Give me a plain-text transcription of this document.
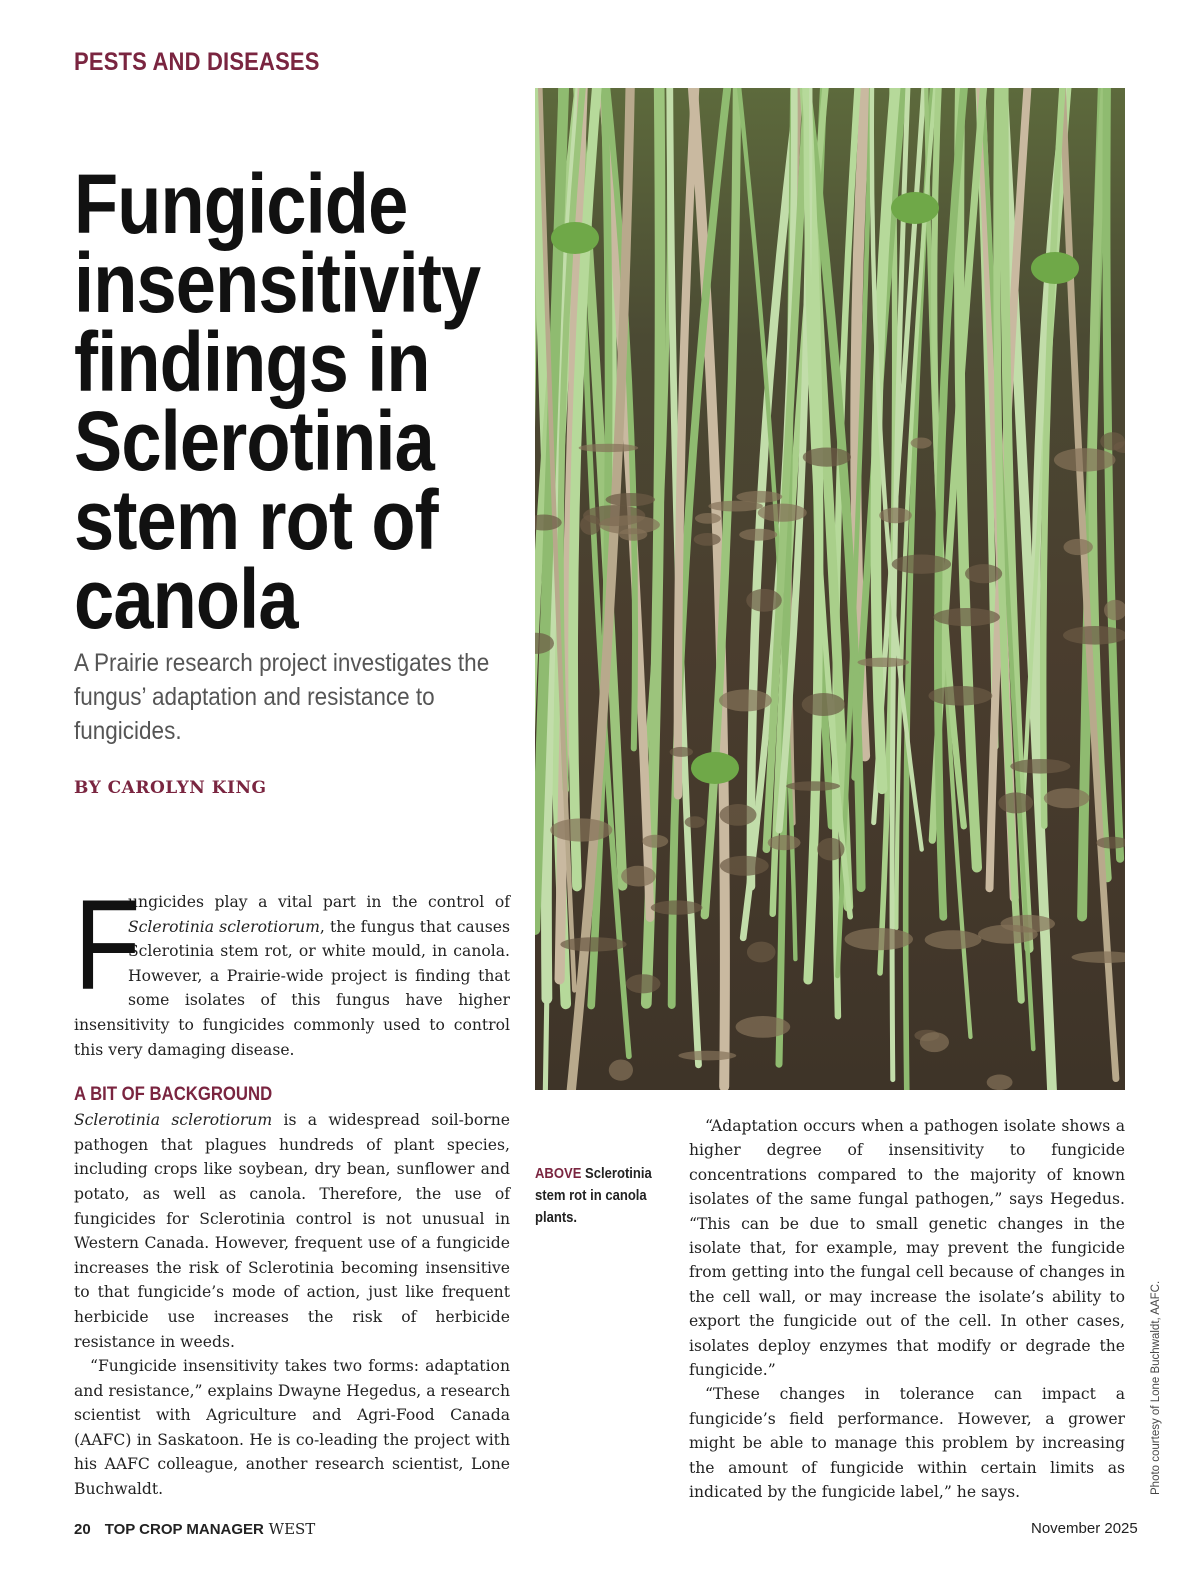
PESTS AND DISEASES
Fungicide insensitivity findings in Sclerotinia stem rot of canola
A Prairie research project investigates the fungus’ adaptation and resistance to fungicides.
BY CAROLYN KING

F
ungicides play a vital part in the control of Sclerotinia sclerotiorum, the fungus that causes Sclerotinia stem rot, or white mould, in canola. However, a Prairie-wide project is finding that some isolates of this fungus have higher insensitivity to fungicides commonly used to control this very damaging disease.

A BIT OF BACKGROUND

Sclerotinia sclerotiorum is a widespread soil-borne pathogen that plagues hundreds of plant species, including crops like soybean, dry bean, sunflower and potato, as well as canola. Therefore, the use of fungicides for Sclerotinia control is not unusual in Western Canada. However, frequent use of a fungicide increases the risk of Sclerotinia becoming insensitive to that fungicide’s mode of action, just like frequent herbicide use increases the risk of herbicide resistance in weeds.

“Fungicide insensitivity takes two forms: adaptation and resistance,” explains Dwayne Hegedus, a research scientist with Agriculture and Agri-Food Canada (AAFC) in Saskatoon. He is co-leading the project with his AAFC colleague, another research scientist, Lone Buchwaldt.

ABOVE Sclerotinia stem rot in canola plants.

“Adaptation occurs when a pathogen isolate shows a higher degree of insensitivity to fungicide concentrations compared to the majority of known isolates of the same fungal pathogen,” says Hegedus. “This can be due to small genetic changes in the isolate that, for example, may prevent the fungicide from getting into the fungal cell because of changes in the cell wall, or may increase the isolate’s ability to export the fungicide out of the cell. In other cases, isolates deploy enzymes that modify or degrade the fungicide.”

“These changes in tolerance can impact a fungicide’s field performance. However, a grower might be able to manage this problem by increasing the amount of fungicide within certain limits as indicated by the fungicide label,” he says.	Photo courtesy of Lone Buchwaldt, AAFC.
20 TOP CROP MANAGER WEST	November 2025
